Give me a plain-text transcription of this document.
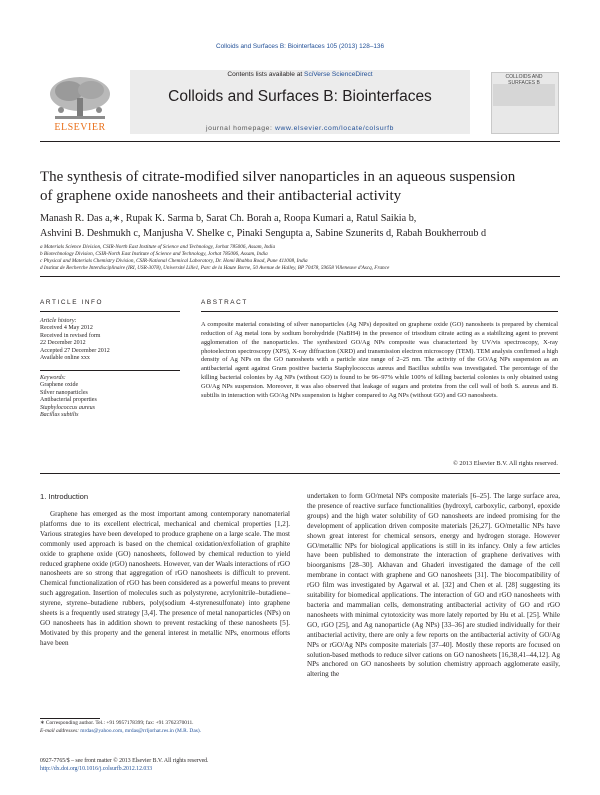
Colloids and Surfaces B: Biointerfaces 105 (2013) 128–136
ELSEVIER
Contents lists available at SciVerse ScienceDirect
Colloids and Surfaces B: Biointerfaces
journal homepage: www.elsevier.com/locate/colsurfb
COLLOIDS AND SURFACES B
The synthesis of citrate-modified silver nanoparticles in an aqueous suspension
of graphene oxide nanosheets and their antibacterial activity
Manash R. Das a,∗, Rupak K. Sarma b, Sarat Ch. Borah a, Roopa Kumari a, Ratul Saikia b,
Ashvini B. Deshmukh c, Manjusha V. Shelke c, Pinaki Sengupta a, Sabine Szunerits d, Rabah Boukherroub d
a Materials Science Division, CSIR-North East Institute of Science and Technology, Jorhat 785006, Assam, India
b Biotechnology Division, CSIR-North East Institute of Science and Technology, Jorhat 785006, Assam, India
c Physical and Materials Chemistry Division, CSIR-National Chemical Laboratory, Dr. Homi Bhabha Road, Pune 411008, India
d Institut de Recherche Interdisciplinaire (IRI, USR-3078), Université Lille1, Parc de la Haute Borne, 50 Avenue de Halley, BP 70478, 59658 Villeneuve d'Ascq, France
ARTICLE INFO
Article history:
Received 4 May 2012
Received in revised form
22 December 2012
Accepted 27 December 2012
Available online xxx
Keywords:
Graphene oxide
Silver nanoparticles
Antibacterial properties
Staphylococcus aureus
Bacillus subtilis
ABSTRACT
A composite material consisting of silver nanoparticles (Ag NPs) deposited on graphene oxide (GO) nanosheets is prepared by chemical reduction of Ag metal ions by sodium borohydride (NaBH4) in the presence of trisodium citrate acting as a stabilizing agent to prevent agglomeration of the nanoparticles. The synthesized GO/Ag NPs composite was characterized by UV/vis spectroscopy, X-ray photoelectron spectroscopy (XPS), X-ray diffraction (XRD) and transmission electron microscopy (TEM). TEM analysis confirmed a high density of Ag NPs on the GO nanosheets with a particle size range of 2–25 nm. The activity of the GO/Ag NPs suspension as an antibacterial agent against Gram positive bacteria Staphylococcus aureus and Bacillus subtilis was investigated. The percentage of the killing bacterial colonies by Ag NPs (without GO) is found to be 96–97% while 100% of killing bacterial colonies is only obtained using GO/Ag NPs suspension. Moreover, it was also observed that leakage of sugars and proteins from the cell wall of both S. aureus and B. subtilis in interaction with GO/Ag NPs suspension is higher compared to Ag NPs (without GO) and GO nanosheets.
© 2013 Elsevier B.V. All rights reserved.
1. Introduction

Graphene has emerged as the most important among contemporary nanomaterial platforms due to its excellent electrical, mechanical and chemical properties [1,2]. Various strategies have been developed to produce graphene on a large scale. The most commonly used approach is based on the chemical oxidation/exfoliation of graphite oxide to graphene oxide (GO) nanosheets, followed by chemical reduction to yield reduced graphene oxide (rGO) nanosheets. However, van der Waals interactions of rGO nanosheets are so strong that aggregation of rGO nanosheets is difficult to prevent. Chemical functionalization of rGO has been considered as a powerful means to prevent such aggregation. Insertion of molecules such as polystyrene, acrylonitrile–butadiene–styrene, styrene–butadiene rubbers, poly(sodium 4-styrenesulfonate) into graphene sheets is a frequently used strategy [3,4]. The presence of metal nanoparticles (NPs) on GO nanosheets has in addition shown to prevent restacking of these nanosheets [5]. Motivated by this property and the general interest in metallic NPs, enormous efforts have been

undertaken to form GO/metal NPs composite materials [6–25]. The large surface area, the presence of reactive surface functionalities (hydroxyl, carboxylic, carbonyl, epoxide groups) and the high water solubility of GO nanosheets are indeed promising for the development of application driven composite materials [26,27]. GO/metallic NPs have shown great interest for chemical sensors, energy and hydrogen storage. However GO/metallic NPs for biological applications is still in its infancy. Only a few articles have been published to demonstrate the interaction of graphene derivatives with bioorganisms [28–30]. Akhavan and Ghaderi investigated the damage of the cell membrane in contact with graphene and GO nanosheets [31]. The biocompatibility of rGO film was investigated by Agarwal et al. [32] and Chen et al. [28] suggesting its suitability for biomedical applications. The interaction of GO and rGO nanosheets with bacteria and mammalian cells, demonstrating antibacterial activity of GO and rGO nanosheets with minimal cytotoxicity was more lately reported by Hu et al. [25]. While GO, rGO [25], and Ag nanoparticle (Ag NPs) [33–36] are studied individually for their antibacterial activity, there are only a few reports on the antibacterial activity of GO/Ag NPs or rGO/Ag NPs composite materials [37–40]. Mostly these reports are focused on solution-based methods to reduce silver cations on GO nanosheets [16,38,41–44,12]. Ag NPs anchored on GO nanosheets by solution chemistry approach agglomerate easily, altering the

∗ Corresponding author. Tel.: +91 9957178399; fax: +91 3762370011.
E-mail addresses: mrdas@yahoo.com, mrdas@rrljorhat.res.in (M.R. Das).
0927-7765/$ – see front matter © 2013 Elsevier B.V. All rights reserved.
http://dx.doi.org/10.1016/j.colsurfb.2012.12.033
